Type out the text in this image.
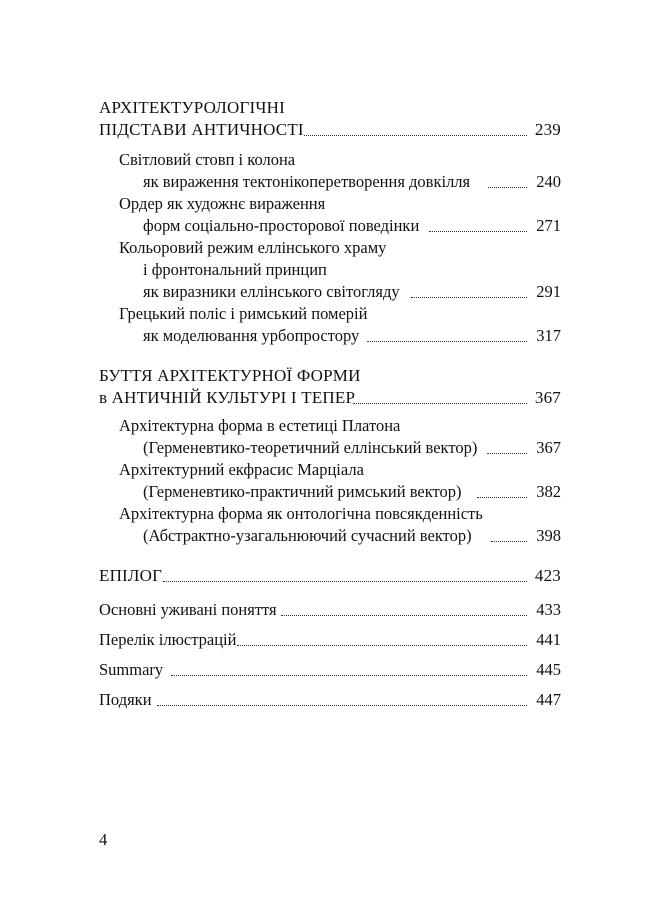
АРХІТЕКТУРОЛОГІЧНІ
ПІДСТАВИ АНТИЧНОСТІ	239
Світловий стовп і колона
як вираження тектонікоперетворення довкілля	240
Ордер як художнє вираження
форм соціально-просторової поведінки	271
Кольоровий режим еллінського храму
і фронтональний принцип
як виразники еллінського світогляду	291
Грецький поліс і римський померій
як моделювання урбопростору	317
БУТТЯ АРХІТЕКТУРНОЇ ФОРМИ
в АНТИЧНІЙ КУЛЬТУРІ І ТЕПЕР	367
Архітектурна форма в естетиці Платона
(Герменевтико-теоретичний еллінський вектор)	367
Архітектурний екфрасис Марціала
(Герменевтико-практичний римський вектор)	382
Архітектурна форма як онтологічна повсякденність
(Абстрактно-узагальнюючий сучасний вектор)	398
ЕПІЛОГ	423
Основні уживані поняття	433
Перелік ілюстрацій	441
Summary	445
Подяки	447
4
